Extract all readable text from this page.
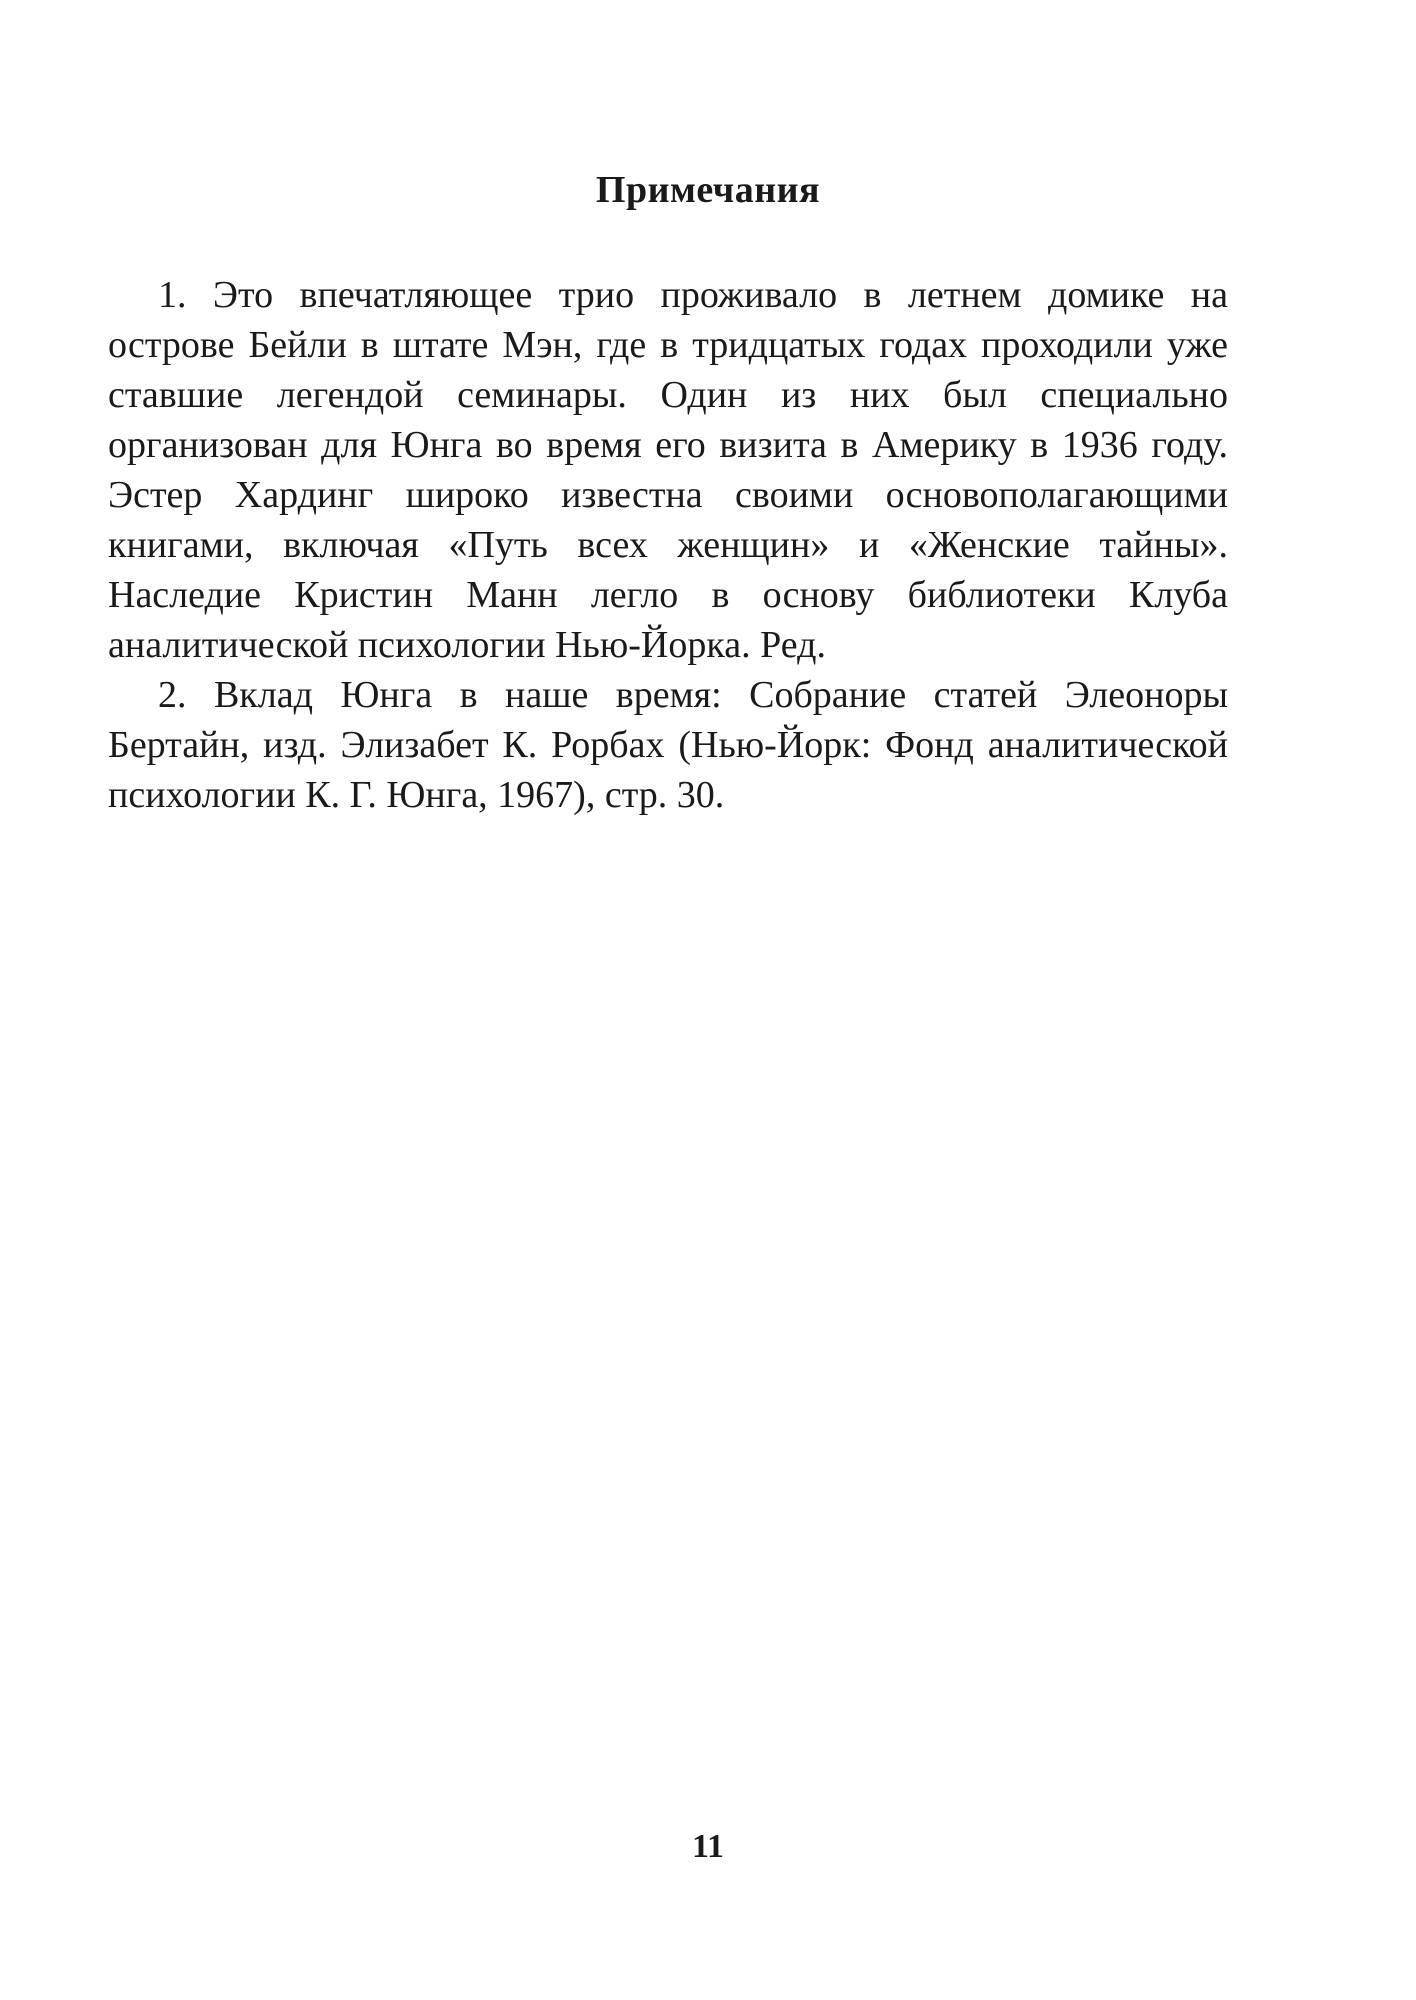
Примечания

1. Это впечатляющее трио проживало в летнем домике на острове Бейли в штате Мэн, где в тридцатых годах проходили уже ставшие легендой семинары. Один из них был специально организован для Юнга во время его визита в Америку в 1936 году. Эстер Хардинг широко известна своими основополагающими книгами, включая «Путь всех женщин» и «Женские тайны». Наследие Кристин Манн легло в основу библиотеки Клуба аналитической психологии Нью-Йорка. Ред.

2. Вклад Юнга в наше время: Собрание статей Элеоноры Бертайн, изд. Элизабет К. Рорбах (Нью-Йорк: Фонд аналитической психологии К. Г. Юнга, 1967), стр. 30.

11
